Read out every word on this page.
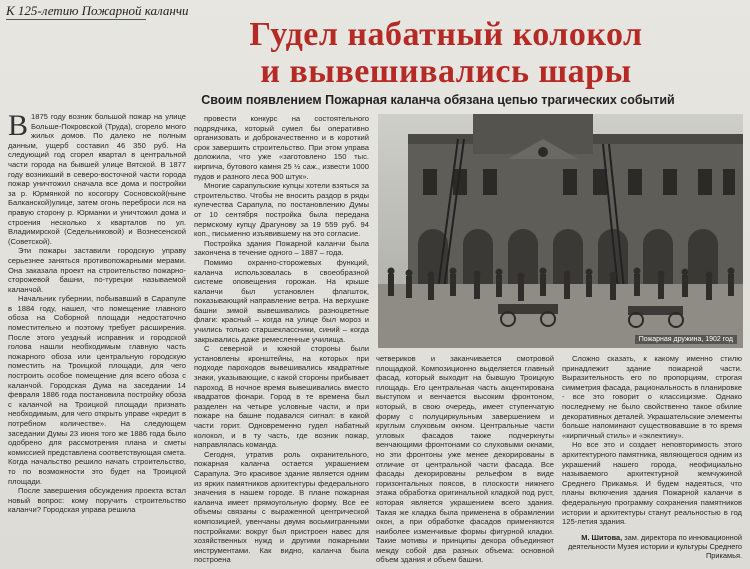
К 125-летию Пожарной каланчи
Гудел набатный колокол
и вывешивались шары
Своим появлением Пожарная каланча обязана цепью трагических событий

В 1875 году возник большой пожар на улице Больше-Покровской (Труда), сгорело много жилых домов. По далеко не полным данным, ущерб составил 46 350 руб. На следующий год сгорел квартал в центральной части города на бывшей улице Вятской. В 1877 году возникший в северо-восточной части города пожар уничтожил сначала все дома и постройки за р. Юрмянкой по косогору Сосновской(ныне Балканской)улице, затем огонь переброси лся на правую сторону р. Юрманки и уничтожил дома и строения несколько х кварталов по ул. Владимирской (Седельниковой) и Вознесенской (Советской).

Эти пожары заставили городскую управу серьезнее заняться противопожарными мерами. Она заказала проект на строительство пожарно-сторожевой башни, по-турецки называемой каланчой.

Начальник губернии, побывавший в Сарапуле в 1884 году, нашел, что помещение главного обоза на Соборной площади недостаточно поместительно и поэтому требует расширения. После этого уездный исправник и городской голова нашли необходимым главную часть пожарного обоза или центральную городскую поместить на Троицкой площади, для чего построить особое помещение для всего обоза с каланчой. Городская Дума на заседании 14 февраля 1886 года постановила постройку обоза с каланчой на Троицкой площади признать необходимым, для чего открыть управе «кредит в потребном количестве». На следующем заседании Думы 23 июня того же 1886 года было одобрено для рассмотрения плана и сметы комиссией представлена соответствующая смета. Когда начальство решило начать строительство, то по возможности это будет на Троицкой площади.

После завершения обсуждения проекта встал новый вопрос: кому поручить строительство каланчи? Городская управа решила

провести конкурс на состоятельного подрядчика, который сумел бы оперативно организовать и доброкачественно и в короткий срок завершить строительство. При этом управа доложила, что уже «заготовлено 150 тыс. кирпича, бутового камня 25 ½ саж., извести 1000 пудов и разного леса 900 штук».

Многие сарапульские купцы хотели взяться за строительство. Чтобы не вносить раздор в ряды купечества Сарапула, по постановлению Думы от 10 сентября постройка была передана пермскому купцу Драгунову за 19 559 руб. 94 коп., письменно изъявившему на это согласие.

Постройка здания Пожарной каланчи была закончена в течение одного – 1887 – года.

Помимо охранно-сторожевых функций, каланча использовалась в своеобразной системе оповещения горожан. На крыше каланчи был установлен флагшток, показывающий направление ветра. На верхушке башни зимой вывешивались разноцветные флаги: красный – когда на улице был мороз и учились только старшеклассники, синий – когда закрывались даже ремесленные училища.

С северной и южной стороны были установлены кронштейны, на которых при подходе пароходов вывешивались квадратные знаки, указывающие, с какой стороны прибывает пароход. В ночное время вывешивались вместо квадратов фонари. Город в те времена был разделен на четыре условные части, и при пожаре на башне подавался сигнал: в какой части горит. Одновременно гудел набатный колокол, и в ту часть, где возник пожар, направлялась команда.

Сегодня, утратив роль охранительного, пожарная каланча остается украшением Сарапула. Это красивое здание является одним из ярких памятников архитектуры федерального значения в нашем городе. В плане пожарная каланча имеет прямоугольную форму. Все ее объемы связаны с выраженной центрической композицией, увенчаны двумя восьмигранными постройками: вокруг был пристроен навес для хозяйственных нужд и другими пожарными инструментами. Как видно, каланча была построена

Пожарная дружина, 1902 год

четвериков и заканчивается смотровой площадкой. Композиционно выделяется главный фасад, который выходит на бывшую Троицкую площадь. Его центральная часть акцентирована выступом и венчается высоким фронтоном, который, в свою очередь, имеет ступенчатую форму с полуциркульным завершением и круглым слуховым окном. Центральные части угловых фасадов также подчеркнуты венчающими фронтонами со слуховыми окнами, но эти фронтоны уже менее декорированы в отличие от центральной части фасада. Все фасады декорированы рельефом в виде горизонтальных поясов, в плоскости нижнего этажа обработка оригинальной кладкой под руст, которая является украшением всего здания. Такая же кладка была применена в обрамлении окон, а при обработке фасадов применяются наиболее изменчивые формы фигурной кладки. Такие мотивы и принципы декора объединяют между собой два разных объема: основной объем здания и объем башни.

Сложно сказать, к какому именно стилю принадлежит здание пожарной части. Выразительность его по пропорциям, строгая симметрия фасада, рациональность в планировке - все это говорит о классицизме. Однако последнему не было свойственно такое обилие декоративных деталей. Украшательские элементы больше напоминают существовавшие в то время «кирпичный стиль» и «эклектику».

Но все это и создает неповторимость этого архитектурного памятника, являющегося одним из украшений нашего города, неофициально называемого архитектурной жемчужиной Среднего Прикамья. И будем надеяться, что планы включения здания Пожарной каланчи в федеральную программу сохранения памятников истории и архитектуры станут реальностью в год 125-летия здания.

М. Шитова, зам. директора по инновационной деятельности Музея истории и культуры Среднего Прикамья.
